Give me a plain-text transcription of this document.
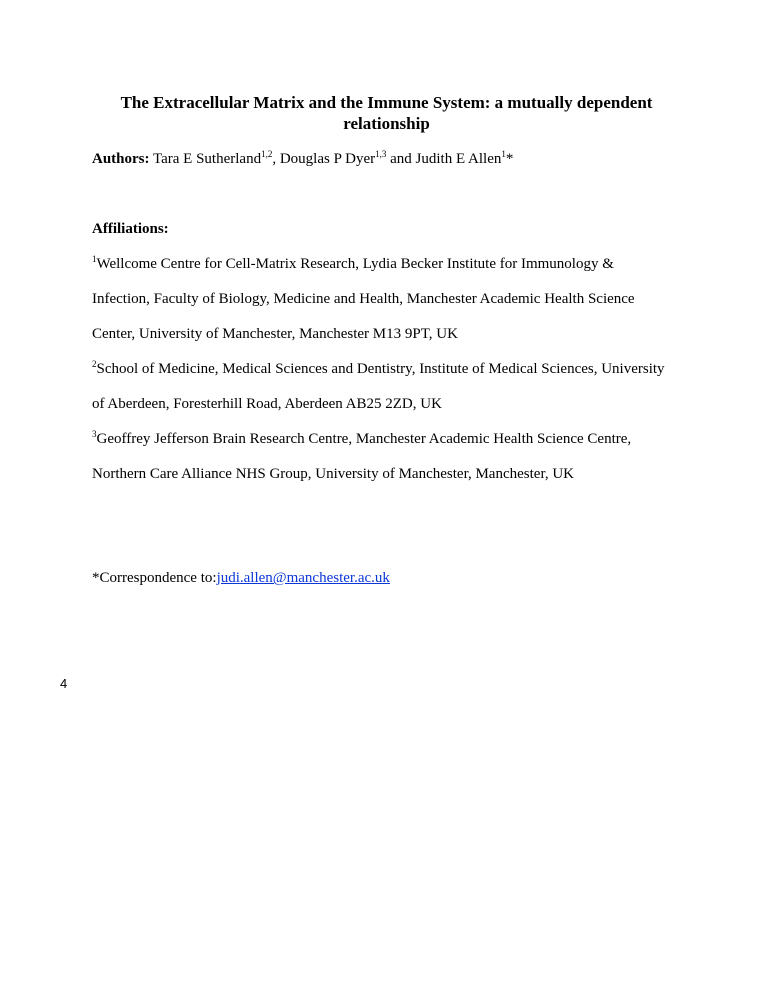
The Extracellular Matrix and the Immune System: a mutually dependent
relationship
Authors: Tara E Sutherland$^{1,2}$, Douglas P Dyer$^{1,3}$ and Judith E Allen$^1$*
Affiliations:
$^1$Wellcome Centre for Cell-Matrix Research, Lydia Becker Institute for Immunology &
Infection, Faculty of Biology, Medicine and Health, Manchester Academic Health Science
Center, University of Manchester, Manchester M13 9PT, UK
$^2$School of Medicine, Medical Sciences and Dentistry, Institute of Medical Sciences, University
of Aberdeen, Foresterhill Road, Aberdeen AB25 2ZD, UK
$^3$Geoffrey Jefferson Brain Research Centre, Manchester Academic Health Science Centre,
Northern Care Alliance NHS Group, University of Manchester, Manchester, UK
*Correspondence to:judi.allen@manchester.ac.uk
4
